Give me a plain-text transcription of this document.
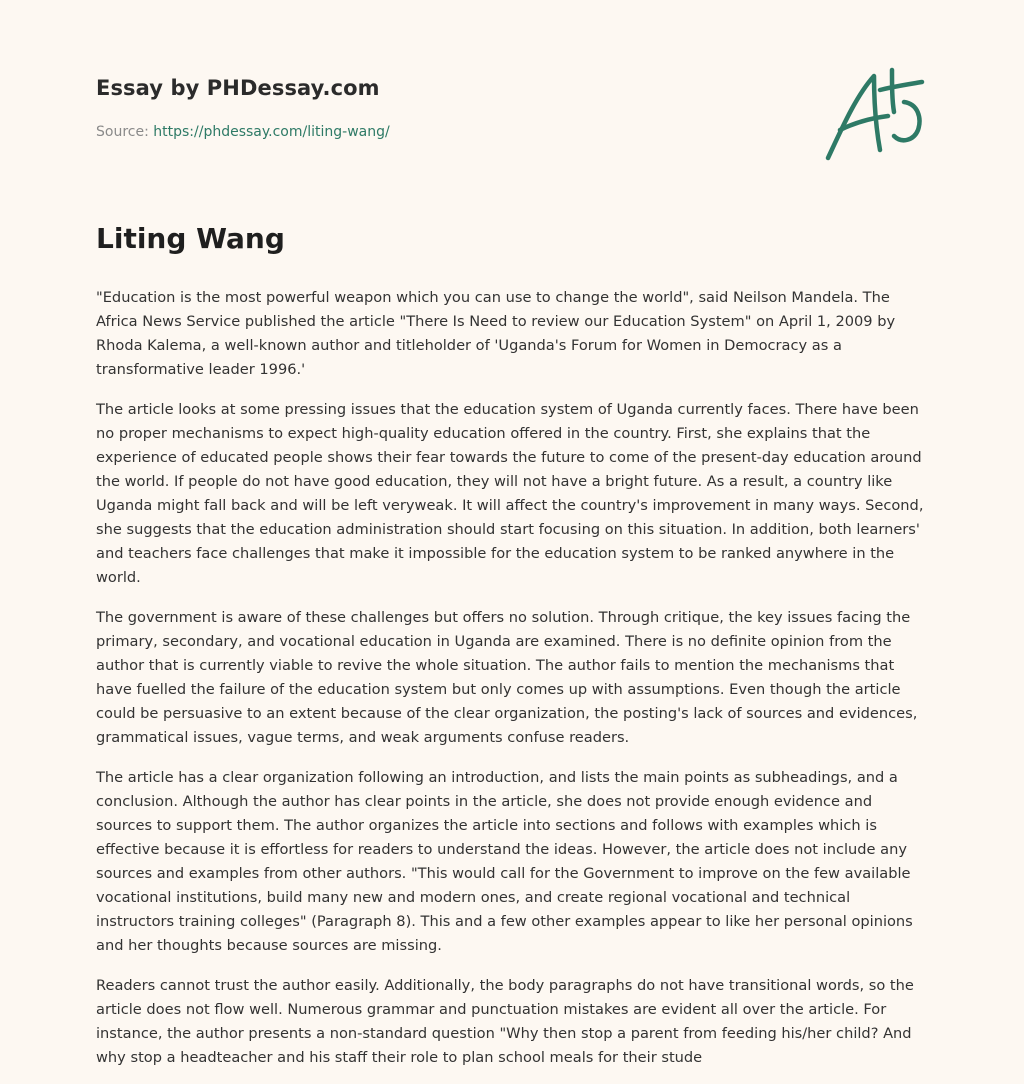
Essay by PHDessay.com
Source: https://phdessay.com/liting-wang/
Liting Wang

"Education is the most powerful weapon which you can use to change the world", said Neilson Mandela. The Africa News Service published the article "There Is Need to review our Education System" on April 1, 2009 by Rhoda Kalema, a well-known author and titleholder of 'Uganda's Forum for Women in Democracy as a transformative leader 1996.'

The article looks at some pressing issues that the education system of Uganda currently faces. There have been no proper mechanisms to expect high-quality education offered in the country. First, she explains that the experience of educated people shows their fear towards the future to come of the present-day education around the world. If people do not have good education, they will not have a bright future. As a result, a country like Uganda might fall back and will be left veryweak. It will affect the country's improvement in many ways. Second, she suggests that the education administration should start focusing on this situation. In addition, both learners' and teachers face challenges that make it impossible for the education system to be ranked anywhere in the world.

The government is aware of these challenges but offers no solution. Through critique, the key issues facing the primary, secondary, and vocational education in Uganda are examined. There is no definite opinion from the author that is currently viable to revive the whole situation. The author fails to mention the mechanisms that have fuelled the failure of the education system but only comes up with assumptions. Even though the article could be persuasive to an extent because of the clear organization, the posting's lack of sources and evidences, grammatical issues, vague terms, and weak arguments confuse readers.

The article has a clear organization following an introduction, and lists the main points as subheadings, and a conclusion. Although the author has clear points in the article, she does not provide enough evidence and sources to support them. The author organizes the article into sections and follows with examples which is effective because it is effortless for readers to understand the ideas. However, the article does not include any sources and examples from other authors. "This would call for the Government to improve on the few available vocational institutions, build many new and modern ones, and create regional vocational and technical instructors training colleges" (Paragraph 8). This and a few other examples appear to like her personal opinions and her thoughts because sources are missing.

Readers cannot trust the author easily. Additionally, the body paragraphs do not have transitional words, so the article does not flow well. Numerous grammar and punctuation mistakes are evident all over the article. For instance, the author presents a non-standard question "Why then stop a parent from feeding his/her child? And why stop a headteacher and his staff their role to plan school meals for their stude
